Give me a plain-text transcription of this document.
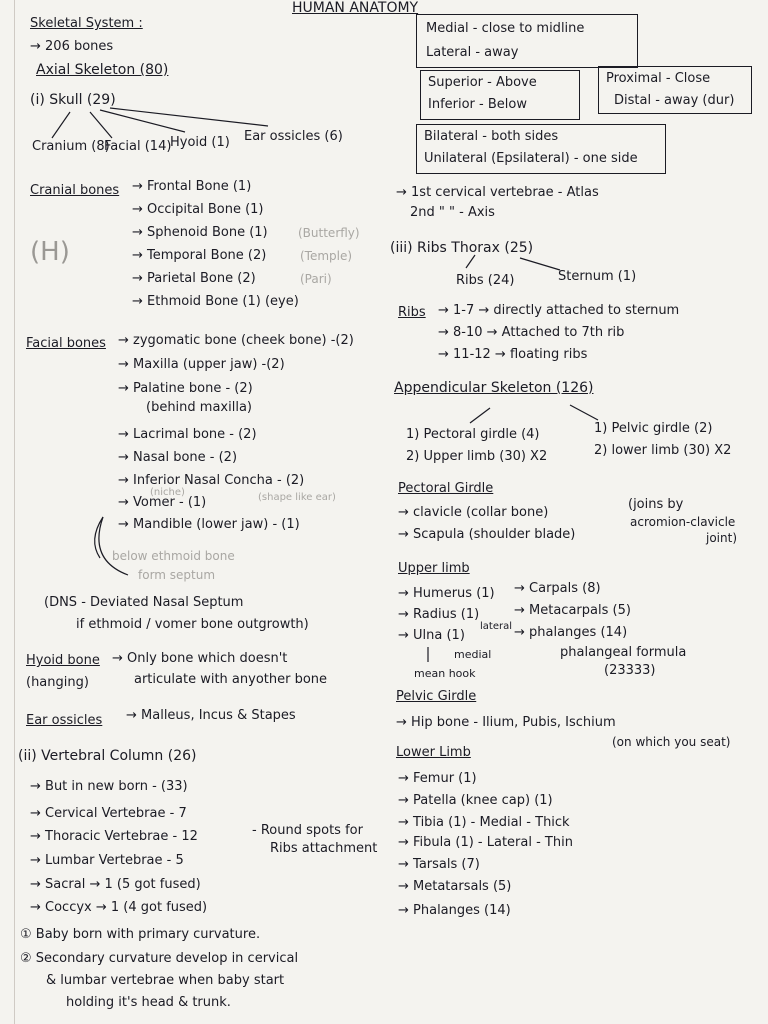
HUMAN ANATOMY
Skeletal System :
→ 206 bones
Axial Skeleton (80)
(i) Skull (29)
Cranium (8)
Facial (14)
Hyoid (1) Ear ossicles (6)
Cranial bones → Frontal Bone (1)
→ Occipital Bone (1)
→ Sphenoid Bone (1)	(Butterfly)
→ Temporal Bone (2)	(Temple)
→ Parietal Bone (2)	(Pari)
→ Ethmoid Bone (1) (eye)
(H)
Facial bones → zygomatic bone (cheek bone) -(2)
→ Maxilla (upper jaw) -(2)
→ Palatine bone - (2)
(behind maxilla)
→ Lacrimal bone - (2)
→ Nasal bone - (2)
→ Inferior Nasal Concha - (2)
(niche)
→ Vomer - (1)	(shape like ear)
→ Mandible (lower jaw) - (1)
below ethmoid bone
form septum
(DNS - Deviated Nasal Septum
if ethmoid / vomer bone outgrowth)
Hyoid bone
(hanging)
→ Only bone which doesn't
articulate with anyother bone
Ear ossicles → Malleus, Incus & Stapes
(ii) Vertebral Column (26)
→ But in new born - (33)
→ Cervical Vertebrae - 7
→ Thoracic Vertebrae - 12	- Round spots for
Ribs attachment
→ Lumbar Vertebrae - 5
→ Sacral → 1 (5 got fused)
→ Coccyx → 1 (4 got fused)
① Baby born with primary curvature.
② Secondary curvature develop in cervical
& lumbar vertebrae when baby start
holding it's head & trunk.
Medial - close to midline
Lateral - away
Superior - Above
Inferior - Below
Proximal - Close
Distal - away (dur)
Bilateral - both sides
Unilateral (Epsilateral) - one side
→ 1st cervical vertebrae - Atlas
2nd " " - Axis
(iii) Ribs Thorax (25)
Ribs (24)	Sternum (1)
Ribs → 1-7 → directly attached to sternum
→ 8-10 → Attached to 7th rib
→ 11-12 → floating ribs
Appendicular Skeleton (126)
1) Pectoral girdle (4)
2) Upper limb (30) X2
1) Pelvic girdle (2)
2) lower limb (30) X2
Pectoral Girdle
→ clavicle (collar bone)
→ Scapula (shoulder blade)
(joins by
acromion-clavicle
joint)
Upper limb
→ Humerus (1)
→ Radius (1)
→ Ulna (1)
→ Carpals (8)
→ Metacarpals (5)
→ phalanges (14)
lateral
medial
mean hook
phalangeal formula
(23333)
Pelvic Girdle
→ Hip bone - Ilium, Pubis, Ischium
(on which you seat)
Lower Limb
→ Femur (1)
→ Patella (knee cap) (1)
→ Tibia (1) - Medial - Thick
→ Fibula (1) - Lateral - Thin
→ Tarsals (7)
→ Metatarsals (5)
→ Phalanges (14)
